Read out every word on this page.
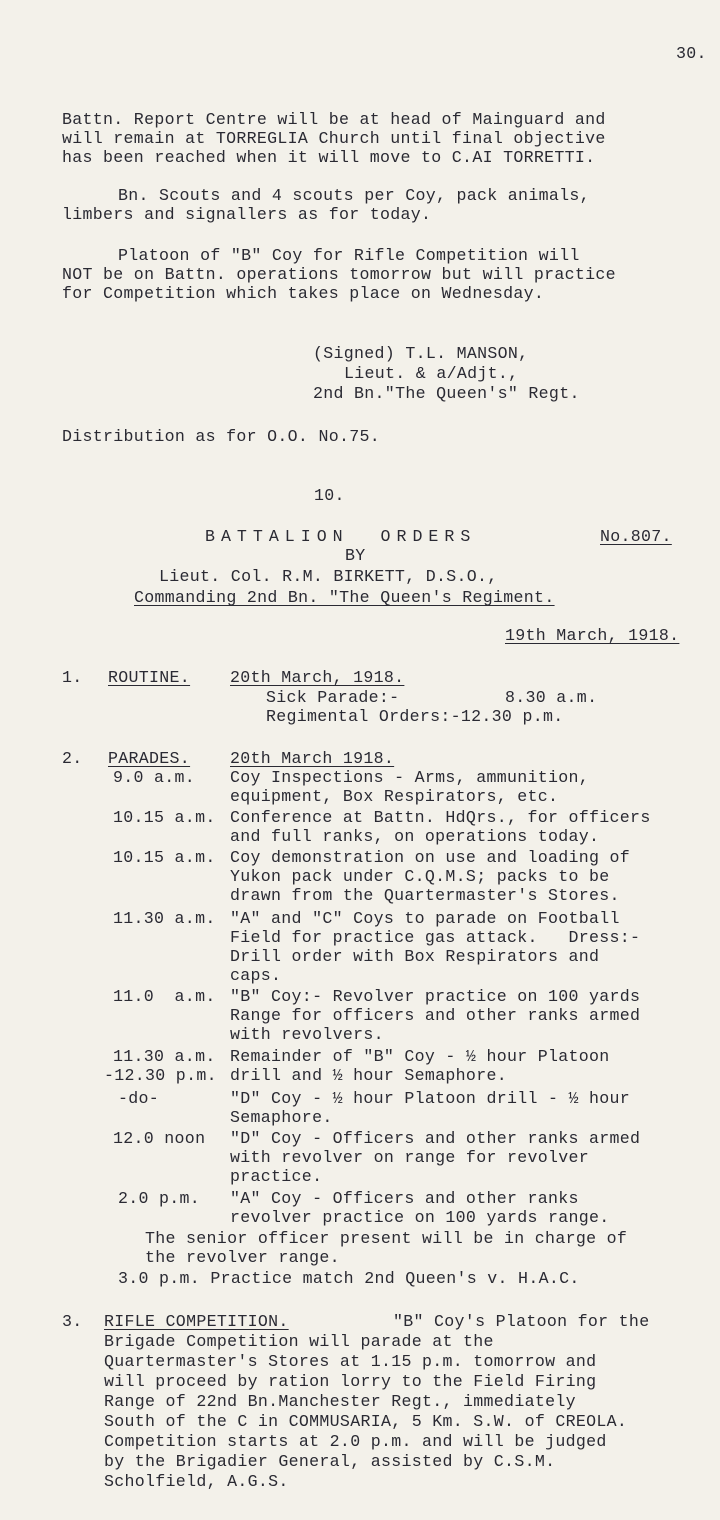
30.
Battn. Report Centre will be at head of Mainguard and
will remain at TORREGLIA Church until final objective
has been reached when it will move to C.AI TORRETTI.
Bn. Scouts and 4 scouts per Coy, pack animals,
limbers and signallers as for today.
Platoon of "B" Coy for Rifle Competition will
NOT be on Battn. operations tomorrow but will practice
for Competition which takes place on Wednesday.
(Signed) T.L. MANSON,
Lieut. & a/Adjt.,
2nd Bn."The Queen's" Regt.
Distribution as for O.O. No.75.
10.
BATTALION  ORDERS	No.807.
BY
Lieut. Col. R.M. BIRKETT, D.S.O.,
Commanding 2nd Bn. "The Queen's Regiment.
19th March, 1918.
1. ROUTINE. 20th March, 1918.
Sick Parade:-	8.30 a.m.
Regimental Orders:-12.30 p.m.
2. PARADES. 20th March 1918.
9.0 a.m. Coy Inspections - Arms, ammunition,
equipment, Box Respirators, etc.
10.15 a.m. Conference at Battn. HdQrs., for officers
and full ranks, on operations today.
10.15 a.m. Coy demonstration on use and loading of
Yukon pack under C.Q.M.S; packs to be
drawn from the Quartermaster's Stores.
11.30 a.m. "A" and "C" Coys to parade on Football
Field for practice gas attack.   Dress:-
Drill order with Box Respirators and
caps.
11.0  a.m. "B" Coy:- Revolver practice on 100 yards
Range for officers and other ranks armed
with revolvers.
11.30 a.m. Remainder of "B" Coy - ½ hour Platoon
-12.30 p.m. drill and ½ hour Semaphore.
-do-	"D" Coy - ½ hour Platoon drill - ½ hour
Semaphore.
12.0 noon "D" Coy - Officers and other ranks armed
with revolver on range for revolver
practice.
2.0 p.m. "A" Coy - Officers and other ranks
revolver practice on 100 yards range.
The senior officer present will be in charge of
the revolver range.
3.0 p.m. Practice match 2nd Queen's v. H.A.C.
3. RIFLE COMPETITION.	"B" Coy's Platoon for the
Brigade Competition will parade at the
Quartermaster's Stores at 1.15 p.m. tomorrow and
will proceed by ration lorry to the Field Firing
Range of 22nd Bn.Manchester Regt., immediately
South of the C in COMMUSARIA, 5 Km. S.W. of CREOLA.
Competition starts at 2.0 p.m. and will be judged
by the Brigadier General, assisted by C.S.M.
Scholfield, A.G.S.
